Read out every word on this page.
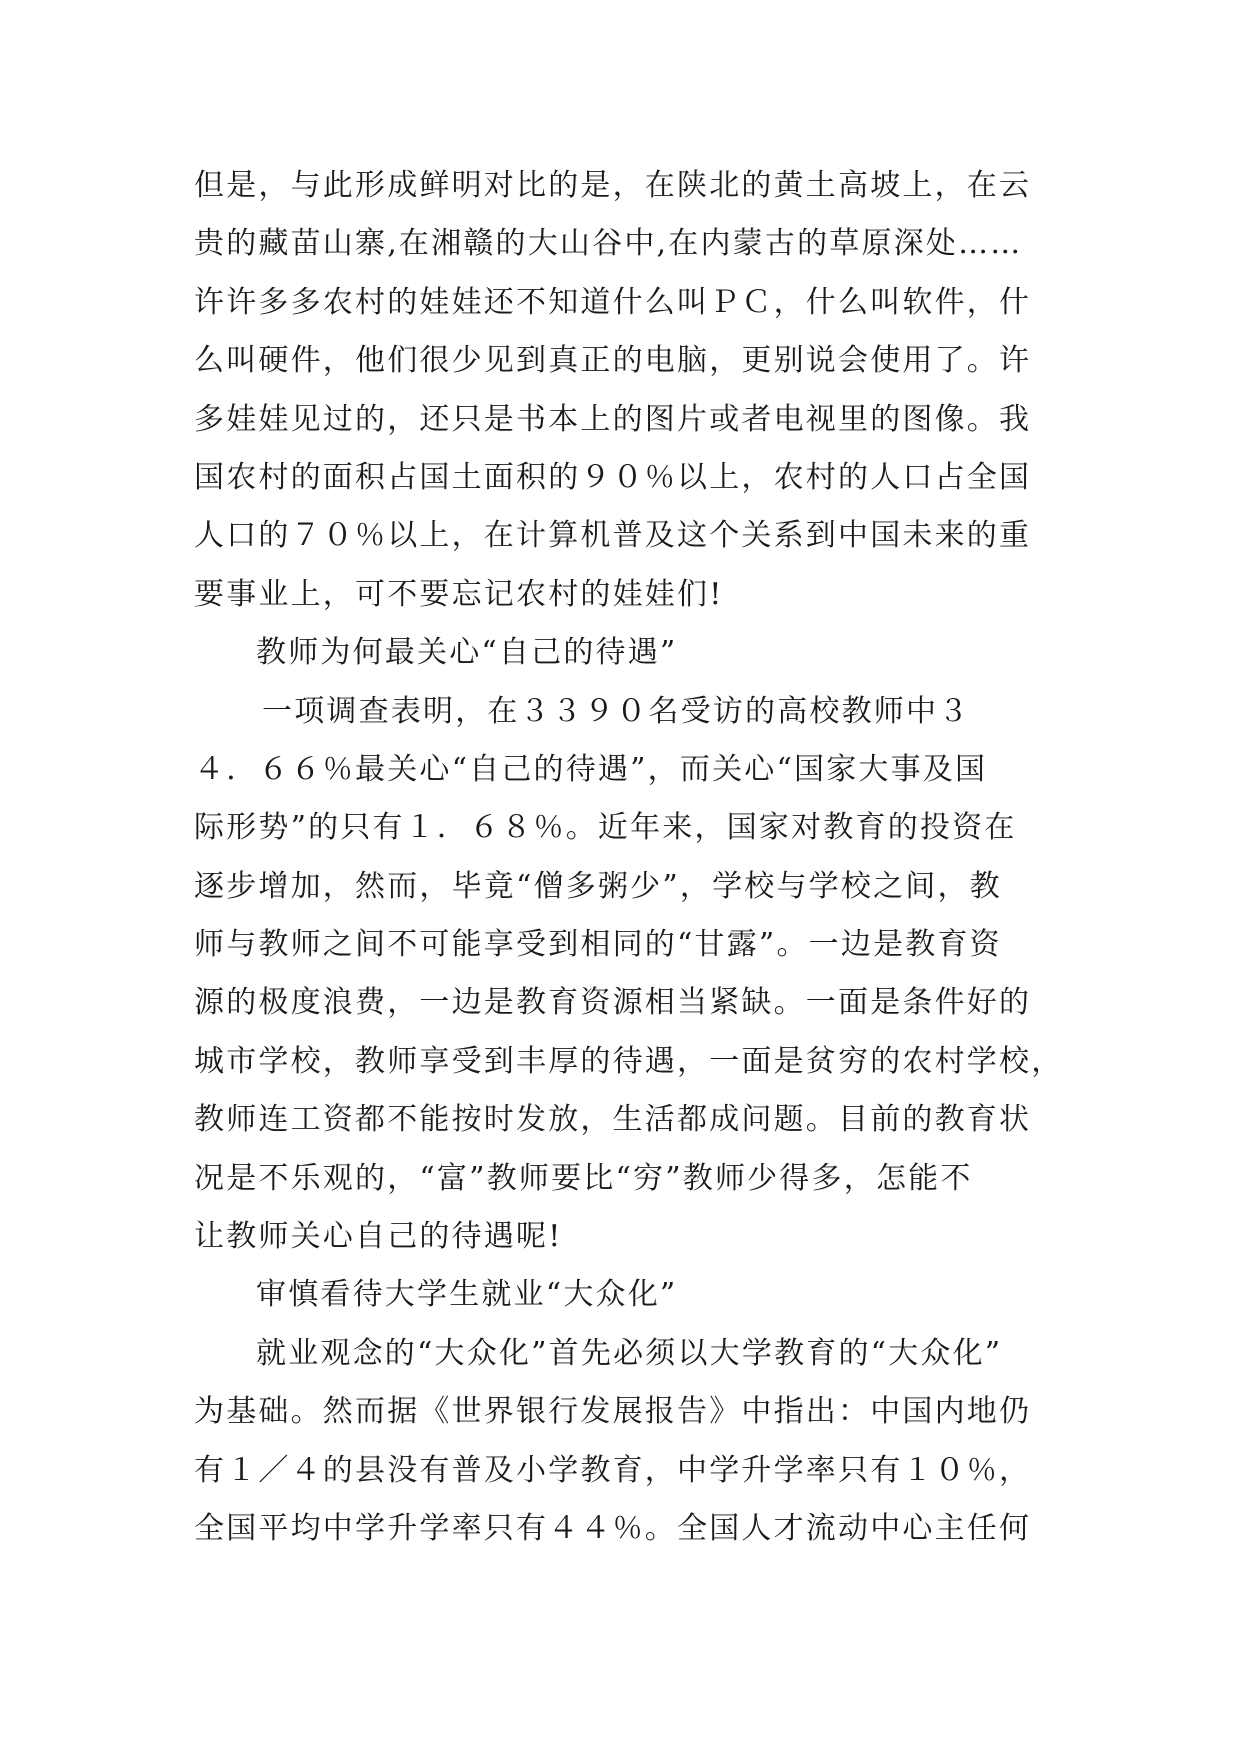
但是，与此形成鲜明对比的是，在陕北的黄土高坡上，在云
贵的藏苗山寨,在湘赣的大山谷中,在内蒙古的草原深处……
许许多多农村的娃娃还不知道什么叫ＰＣ，什么叫软件，什
么叫硬件，他们很少见到真正的电脑，更别说会使用了。许
多娃娃见过的，还只是书本上的图片或者电视里的图像。我
国农村的面积占国土面积的９０％以上，农村的人口占全国
人口的７０％以上，在计算机普及这个关系到中国未来的重
要事业上，可不要忘记农村的娃娃们!
教师为何最关心“自己的待遇”
一项调查表明，在３３９０名受访的高校教师中３
４．６６％最关心“自己的待遇”，而关心“国家大事及国
际形势”的只有１．６８％。近年来，国家对教育的投资在
逐步增加，然而，毕竟“僧多粥少”，学校与学校之间，教
师与教师之间不可能享受到相同的“甘露”。一边是教育资
源的极度浪费，一边是教育资源相当紧缺。一面是条件好的
城市学校，教师享受到丰厚的待遇，一面是贫穷的农村学校，
教师连工资都不能按时发放，生活都成问题。目前的教育状
况是不乐观的，“富”教师要比“穷”教师少得多，怎能不
让教师关心自己的待遇呢!
审慎看待大学生就业“大众化”
就业观念的“大众化”首先必须以大学教育的“大众化”
为基础。然而据《世界银行发展报告》中指出：中国内地仍
有１／４的县没有普及小学教育，中学升学率只有１０％，
全国平均中学升学率只有４４％。全国人才流动中心主任何
